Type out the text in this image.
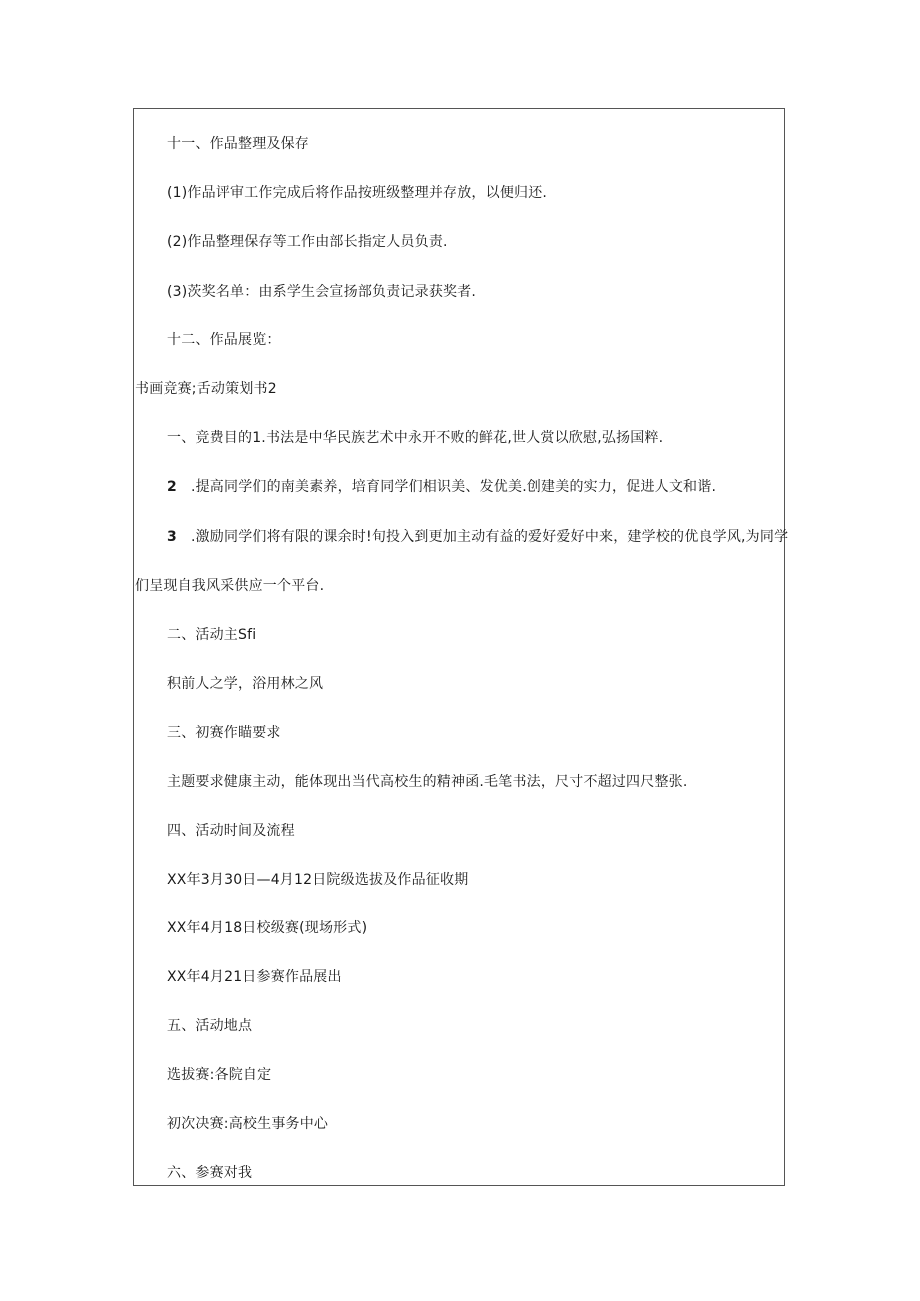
十一、作品整理及保存
(1)作品评审工作完成后将作品按班级整理并存放，以便归还.
(2)作品整理保存等工作由部长指定人员负责.
(3)茨奖名单：由系学生会宣扬部负责记录获奖者.
十二、作品展览：
书画竞赛;舌动策划书2
一、竞费目的1.书法是中华民族艺术中永开不败的鲜花,世人赏以欣慰,弘扬国粹.
2 .提高同学们的南美素养，培育同学们相识美、发优美.创建美的实力，促进人文和谐.
3 .激励同学们将有限的课余时!旬投入到更加主动有益的爱好爱好中来，建学校的优良学风,为同学
们呈现自我风采供应一个平台.
二、活动主Sfi
积前人之学，浴用林之风
三、初赛作瞄要求
主题要求健康主动，能体现出当代高校生的精神函.毛笔书法，尺寸不超过四尺整张.
四、活动时间及流程
XX年3月30日—4月12日院级选拔及作品征收期
XX年4月18日校级赛(现场形式)
XX年4月21日参赛作品展出
五、活动地点
选拔赛:各院自定
初次决赛:高校生事务中心
六、参赛对我
